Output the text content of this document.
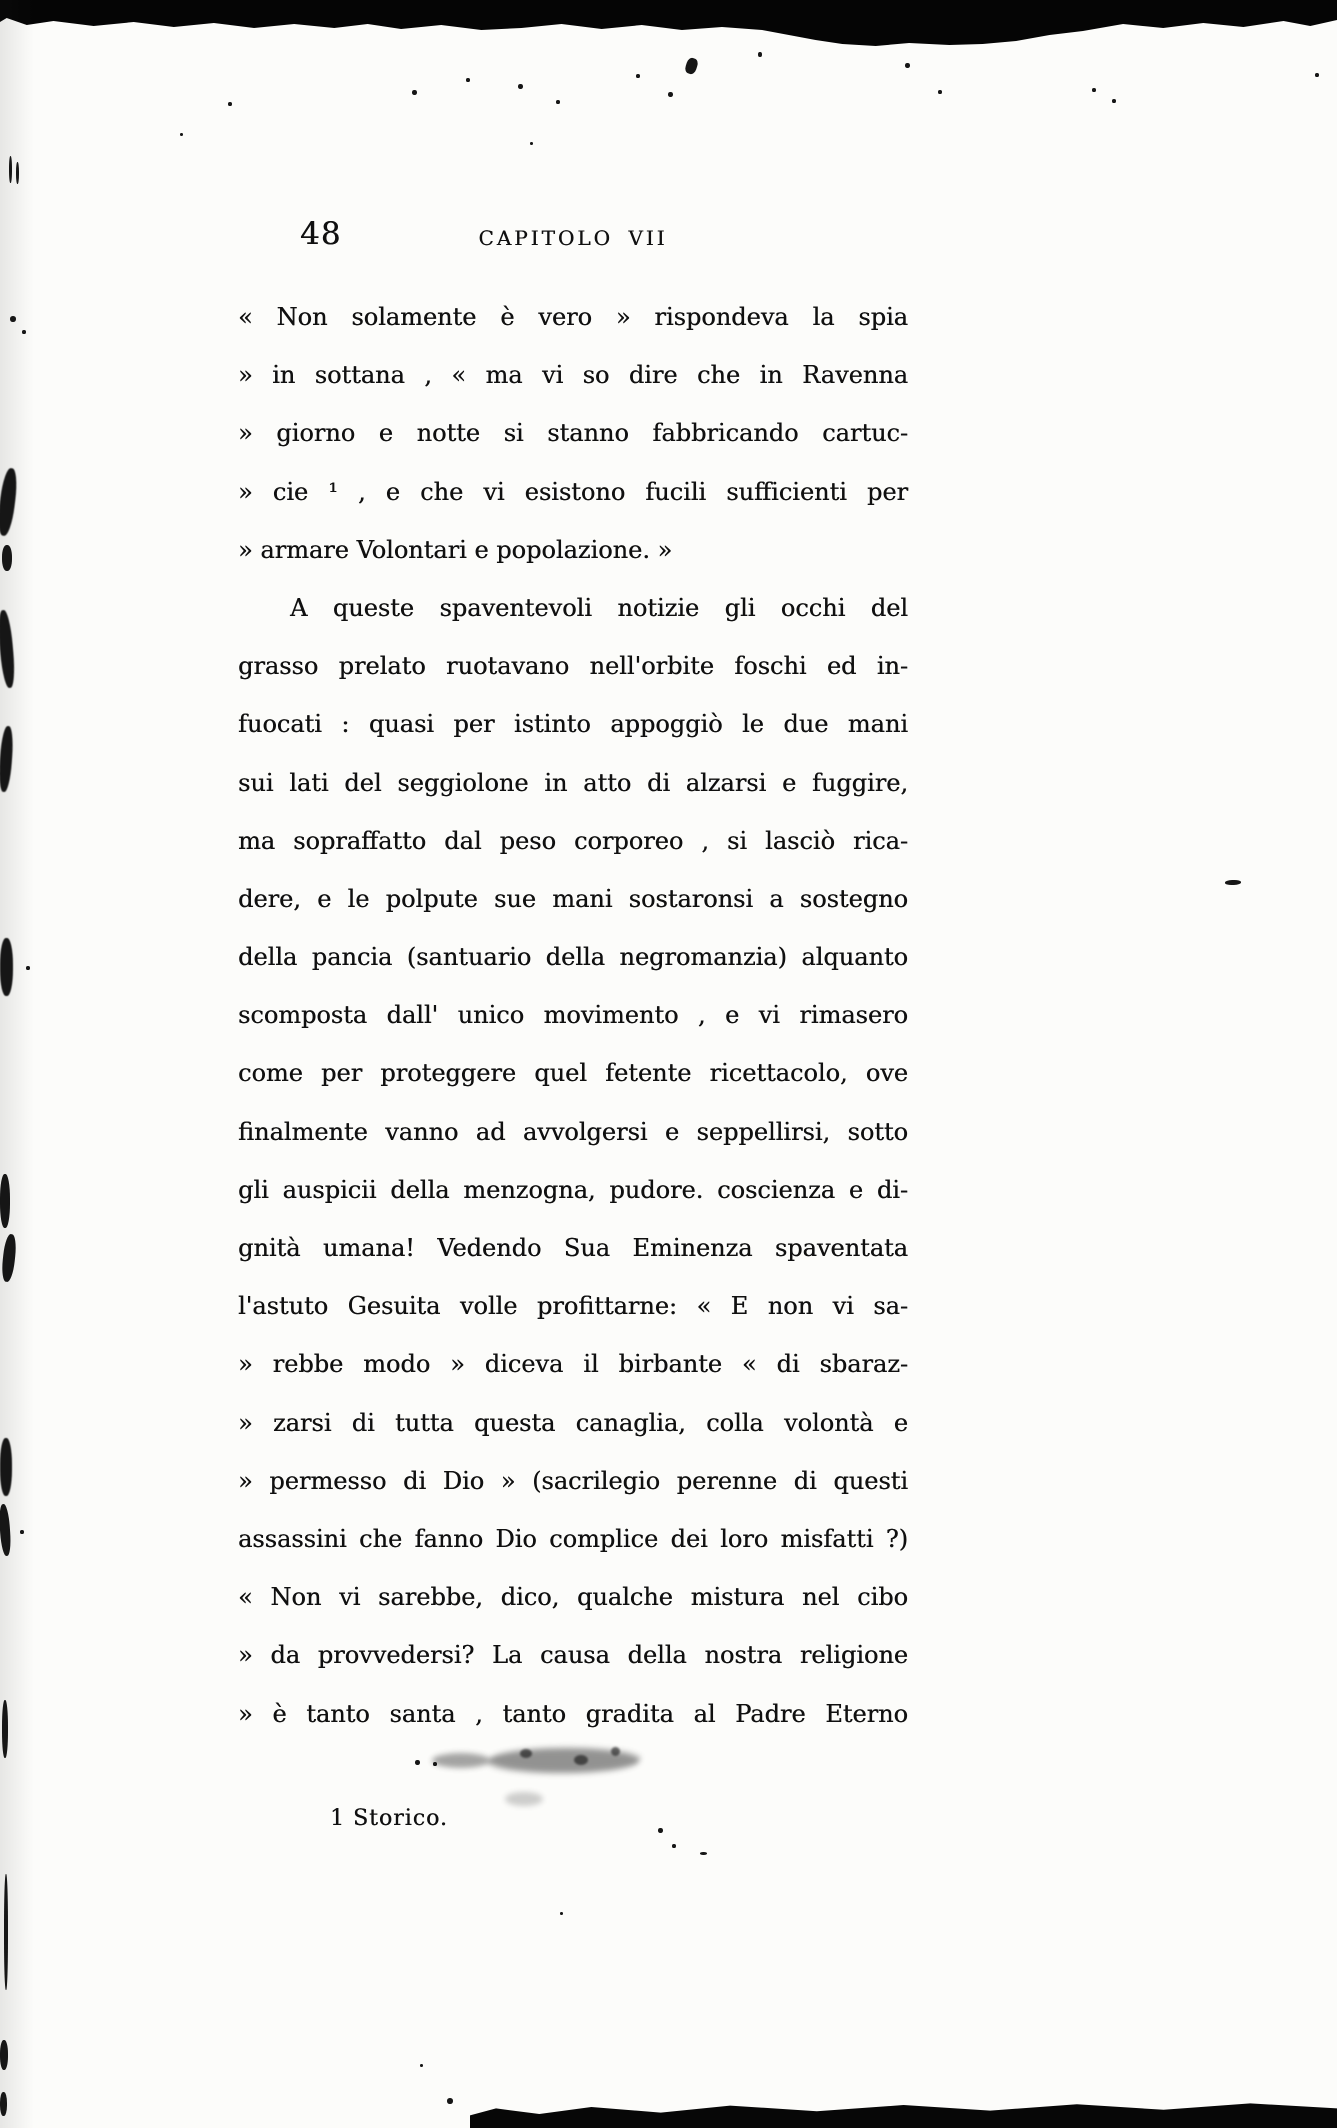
48	CAPITOLO VII
« Non solamente è vero » rispondeva la spia
» in sottana , « ma vi so dire che in Ravenna
» giorno e notte si stanno fabbricando cartuc-
» cie ¹ , e che vi esistono fucili sufficienti per
» armare Volontari e popolazione. »
A queste spaventevoli notizie gli occhi del
grasso prelato ruotavano nell'orbite foschi ed in-
fuocati : quasi per istinto appoggiò le due mani
sui lati del seggiolone in atto di alzarsi e fuggire,
ma sopraffatto dal peso corporeo , si lasciò rica-
dere, e le polpute sue mani sostaronsi a sostegno
della pancia (santuario della negromanzia) alquanto
scomposta dall' unico movimento , e vi rimasero
come per proteggere quel fetente ricettacolo, ove
finalmente vanno ad avvolgersi e seppellirsi, sotto
gli auspicii della menzogna, pudore. coscienza e di-
gnità umana! Vedendo Sua Eminenza spaventata
l'astuto Gesuita volle profittarne: « E non vi sa-
» rebbe modo » diceva il birbante « di sbaraz-
» zarsi di tutta questa canaglia, colla volontà e
» permesso di Dio » (sacrilegio perenne di questi
assassini che fanno Dio complice dei loro misfatti ?)
« Non vi sarebbe, dico, qualche mistura nel cibo
» da provvedersi? La causa della nostra religione
» è tanto santa , tanto gradita al Padre Eterno
1 Storico.
